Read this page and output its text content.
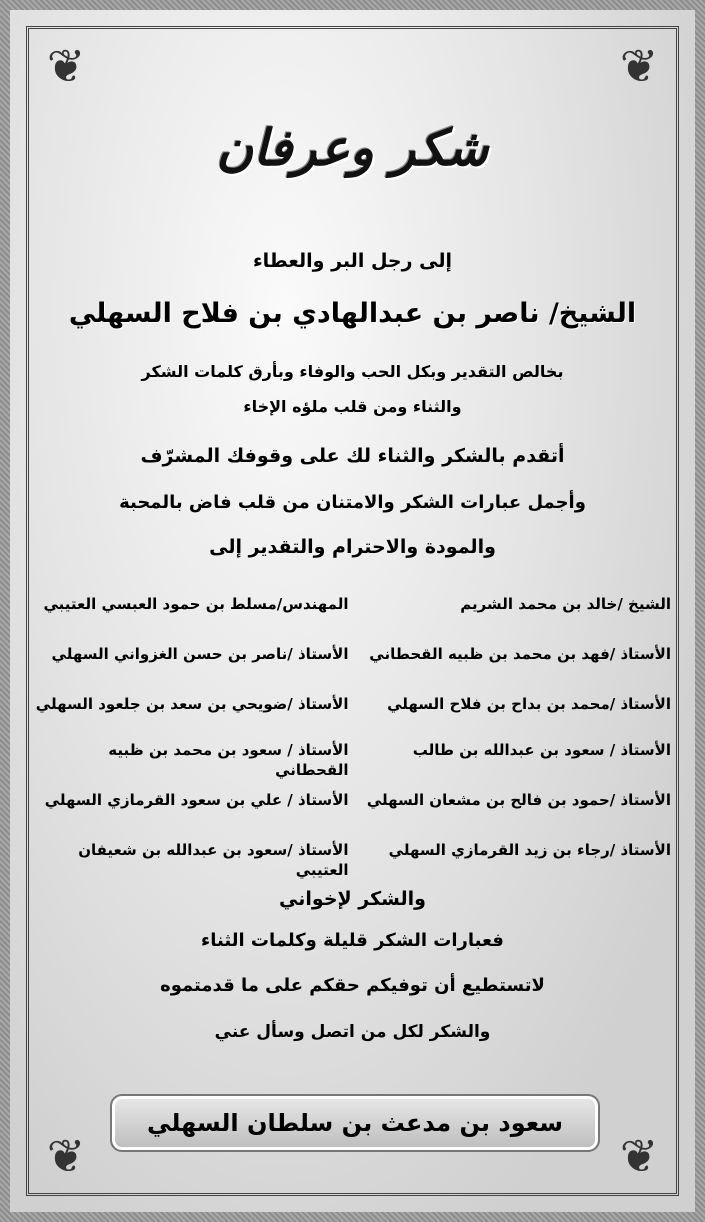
❦	❦
❦	❦
شكر وعرفان
إلى رجل البر والعطاء
الشيخ/ ناصر بن عبدالهادي بن فلاح السهلي
بخالص التقدير وبكل الحب والوفاء وبأرق كلمات الشكر
والثناء ومن قلب ملؤه الإخاء
أتقدم بالشكر والثناء لك على وقوفك المشرّف
وأجمل عبارات الشكر والامتنان من قلب فاض بالمحبة
والمودة والاحترام والتقدير إلى
الشيخ /خالد بن محمد الشريم
المهندس/مسلط بن حمود العبسي العتيبي
الأستاذ /فهد بن محمد بن ظبيه القحطاني
الأستاذ /ناصر بن حسن الغزواني السهلي
الأستاذ /محمد بن بداح بن فلاح السهلي
الأستاذ /ضويحي بن سعد بن جلعود السهلي
الأستاذ / سعود بن عبدالله بن طالب
الأستاذ / سعود بن محمد بن ظبيه القحطاني
الأستاذ /حمود بن فالح بن مشعان السهلي
الأستاذ / علي بن سعود القرمازي السهلي
الأستاذ /رجاء بن زيد القرمازي السهلي
الأستاذ /سعود بن عبدالله بن شعيفان العتيبي
والشكر لإخواني
فعبارات الشكر قليلة وكلمات الثناء
لاتستطيع أن توفيكم حقكم على ما قدمتموه
والشكر لكل من اتصل وسأل عني
سعود بن مدعث بن سلطان السهلي
